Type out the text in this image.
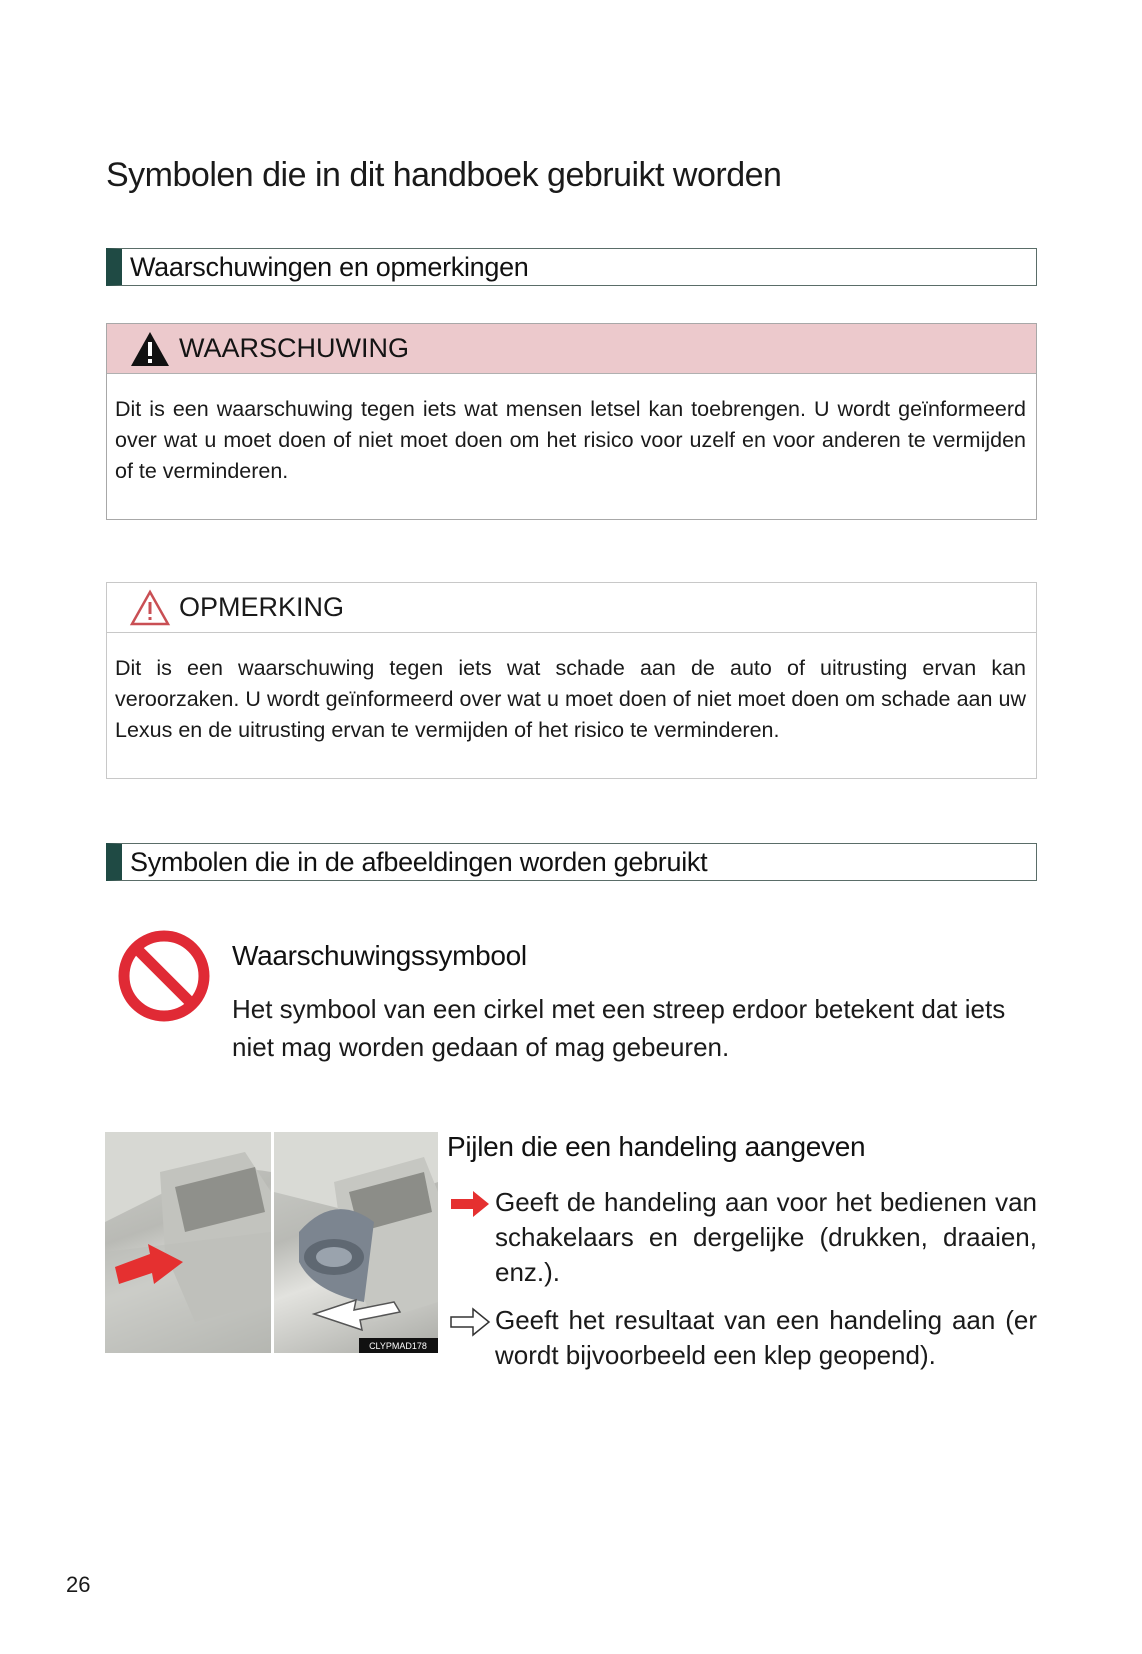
Symbolen die in dit handboek gebruikt worden
Waarschuwingen en opmerkingen
WAARSCHUWING
Dit is een waarschuwing tegen iets wat mensen letsel kan toebrengen. U wordt geïnformeerd over wat u moet doen of niet moet doen om het risico voor uzelf en voor anderen te vermijden of te verminderen.
OPMERKING
Dit is een waarschuwing tegen iets wat schade aan de auto of uitrusting ervan kan veroorzaken. U wordt geïnformeerd over wat u moet doen of niet moet doen om schade aan uw Lexus en de uitrusting ervan te vermijden of het risico te verminderen.
Symbolen die in de afbeeldingen worden gebruikt
Waarschuwingssymbool
Het symbool van een cirkel met een streep erdoor betekent dat iets niet mag worden gedaan of mag gebeuren.
CLYPMAD178
Pijlen die een handeling aangeven
Geeft de handeling aan voor het bedienen van schakelaars en dergelijke (drukken, draaien, enz.).
Geeft het resultaat van een handeling aan (er wordt bijvoorbeeld een klep geopend).
26
